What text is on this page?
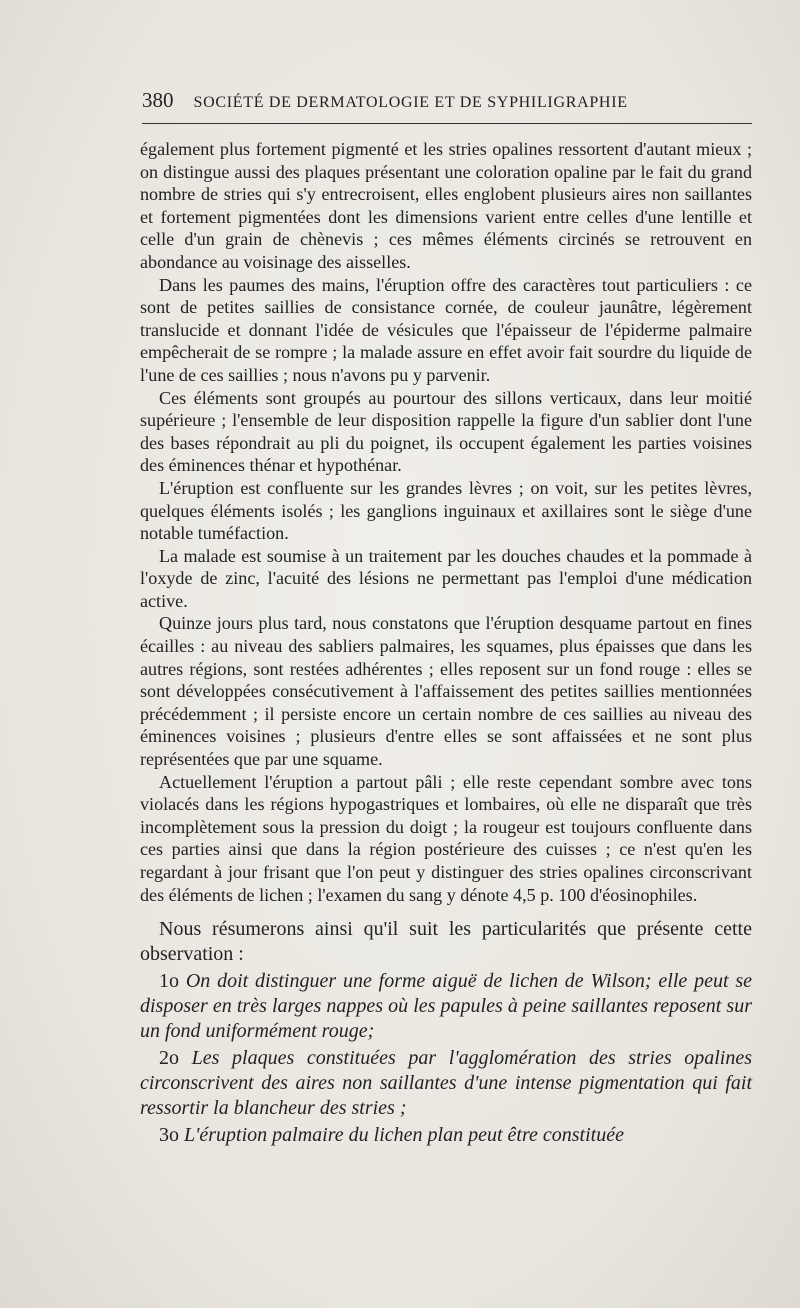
380 SOCIÉTÉ DE DERMATOLOGIE ET DE SYPHILIGRAPHIE

également plus fortement pigmenté et les stries opalines ressortent d'autant mieux ; on distingue aussi des plaques présentant une coloration opaline par le fait du grand nombre de stries qui s'y entrecroisent, elles englobent plusieurs aires non saillantes et fortement pigmentées dont les dimensions varient entre celles d'une lentille et celle d'un grain de chènevis ; ces mêmes éléments circinés se retrouvent en abondance au voisinage des aisselles.

Dans les paumes des mains, l'éruption offre des caractères tout particuliers : ce sont de petites saillies de consistance cornée, de couleur jaunâtre, légèrement translucide et donnant l'idée de vésicules que l'épaisseur de l'épiderme palmaire empêcherait de se rompre ; la malade assure en effet avoir fait sourdre du liquide de l'une de ces saillies ; nous n'avons pu y parvenir.

Ces éléments sont groupés au pourtour des sillons verticaux, dans leur moitié supérieure ; l'ensemble de leur disposition rappelle la figure d'un sablier dont l'une des bases répondrait au pli du poignet, ils occupent également les parties voisines des éminences thénar et hypothénar.

L'éruption est confluente sur les grandes lèvres ; on voit, sur les petites lèvres, quelques éléments isolés ; les ganglions inguinaux et axillaires sont le siège d'une notable tuméfaction.

La malade est soumise à un traitement par les douches chaudes et la pommade à l'oxyde de zinc, l'acuité des lésions ne permettant pas l'emploi d'une médication active.

Quinze jours plus tard, nous constatons que l'éruption desquame partout en fines écailles : au niveau des sabliers palmaires, les squames, plus épaisses que dans les autres régions, sont restées adhérentes ; elles reposent sur un fond rouge : elles se sont développées consécutivement à l'affaissement des petites saillies mentionnées précédemment ; il persiste encore un certain nombre de ces saillies au niveau des éminences voisines ; plusieurs d'entre elles se sont affaissées et ne sont plus représentées que par une squame.

Actuellement l'éruption a partout pâli ; elle reste cependant sombre avec tons violacés dans les régions hypogastriques et lombaires, où elle ne disparaît que très incomplètement sous la pression du doigt ; la rougeur est toujours confluente dans ces parties ainsi que dans la région postérieure des cuisses ; ce n'est qu'en les regardant à jour frisant que l'on peut y distinguer des stries opalines circonscrivant des éléments de lichen ; l'examen du sang y dénote 4,5 p. 100 d'éosinophiles.

Nous résumerons ainsi qu'il suit les particularités que présente cette observation :

1o On doit distinguer une forme aiguë de lichen de Wilson; elle peut se disposer en très larges nappes où les papules à peine saillantes reposent sur un fond uniformément rouge;

2o Les plaques constituées par l'agglomération des stries opalines circonscrivent des aires non saillantes d'une intense pigmentation qui fait ressortir la blancheur des stries ;

3o L'éruption palmaire du lichen plan peut être constituée
